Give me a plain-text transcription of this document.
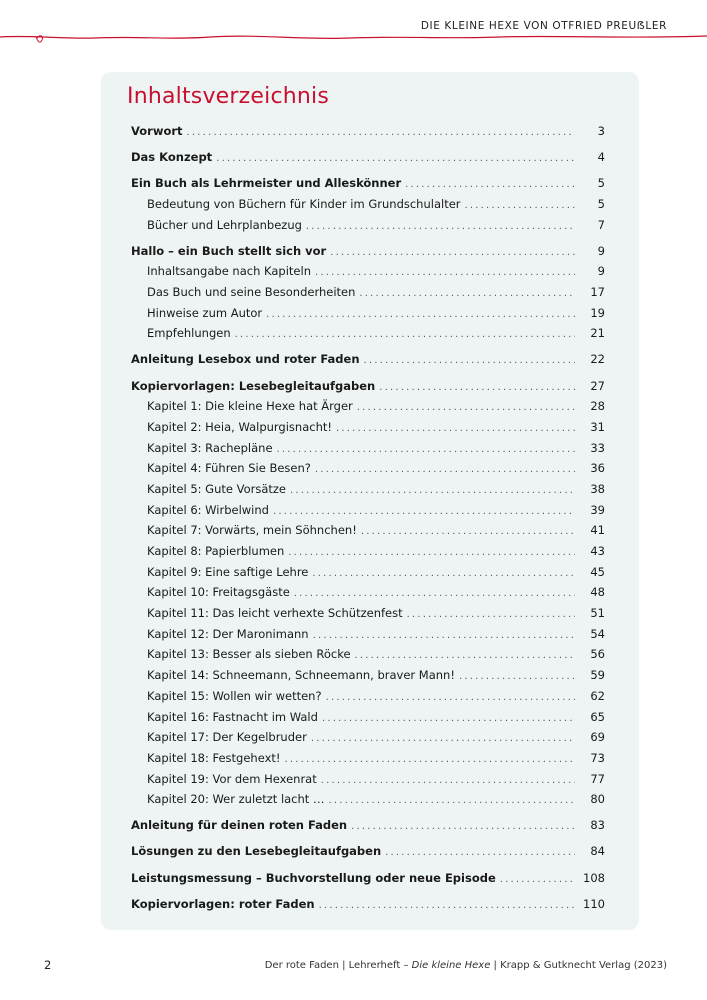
DIE KLEINE HEXE VON OTFRIED PREUẞLER
Inhaltsverzeichnis
Vorwort .....	3
Das Konzept .....	4
Ein Buch als Lehrmeister und Alleskönner .....	5
Bedeutung von Büchern für Kinder im Grundschulalter .....	5
Bücher und Lehrplanbezug .....	7
Hallo – ein Buch stellt sich vor .....	9
Inhaltsangabe nach Kapiteln .....	9
Das Buch und seine Besonderheiten .....	17
Hinweise zum Autor .....	19
Empfehlungen .....	21
Anleitung Lesebox und roter Faden .....	22
Kopiervorlagen: Lesebegleitaufgaben .....	27
Kapitel 1: Die kleine Hexe hat Ärger .....	28
Kapitel 2: Heia, Walpurgisnacht! .....	31
Kapitel 3: Rachepläne .....	33
Kapitel 4: Führen Sie Besen? .....	36
Kapitel 5: Gute Vorsätze .....	38
Kapitel 6: Wirbelwind .....	39
Kapitel 7: Vorwärts, mein Söhnchen! .....	41
Kapitel 8: Papierblumen .....	43
Kapitel 9: Eine saftige Lehre .....	45
Kapitel 10: Freitagsgäste .....	48
Kapitel 11: Das leicht verhexte Schützenfest .....	51
Kapitel 12: Der Maronimann .....	54
Kapitel 13: Besser als sieben Röcke .....	56
Kapitel 14: Schneemann, Schneemann, braver Mann! .....	59
Kapitel 15: Wollen wir wetten? .....	62
Kapitel 16: Fastnacht im Wald .....	65
Kapitel 17: Der Kegelbruder .....	69
Kapitel 18: Festgehext! .....	73
Kapitel 19: Vor dem Hexenrat .....	77
Kapitel 20: Wer zuletzt lacht … .....	80
Anleitung für deinen roten Faden .....	83
Lösungen zu den Lesebegleitaufgaben .....	84
Leistungsmessung – Buchvorstellung oder neue Episode .....	108
Kopiervorlagen: roter Faden .....	110
2	Der rote Faden | Lehrerheft – Die kleine Hexe | Krapp & Gutknecht Verlag (2023)
